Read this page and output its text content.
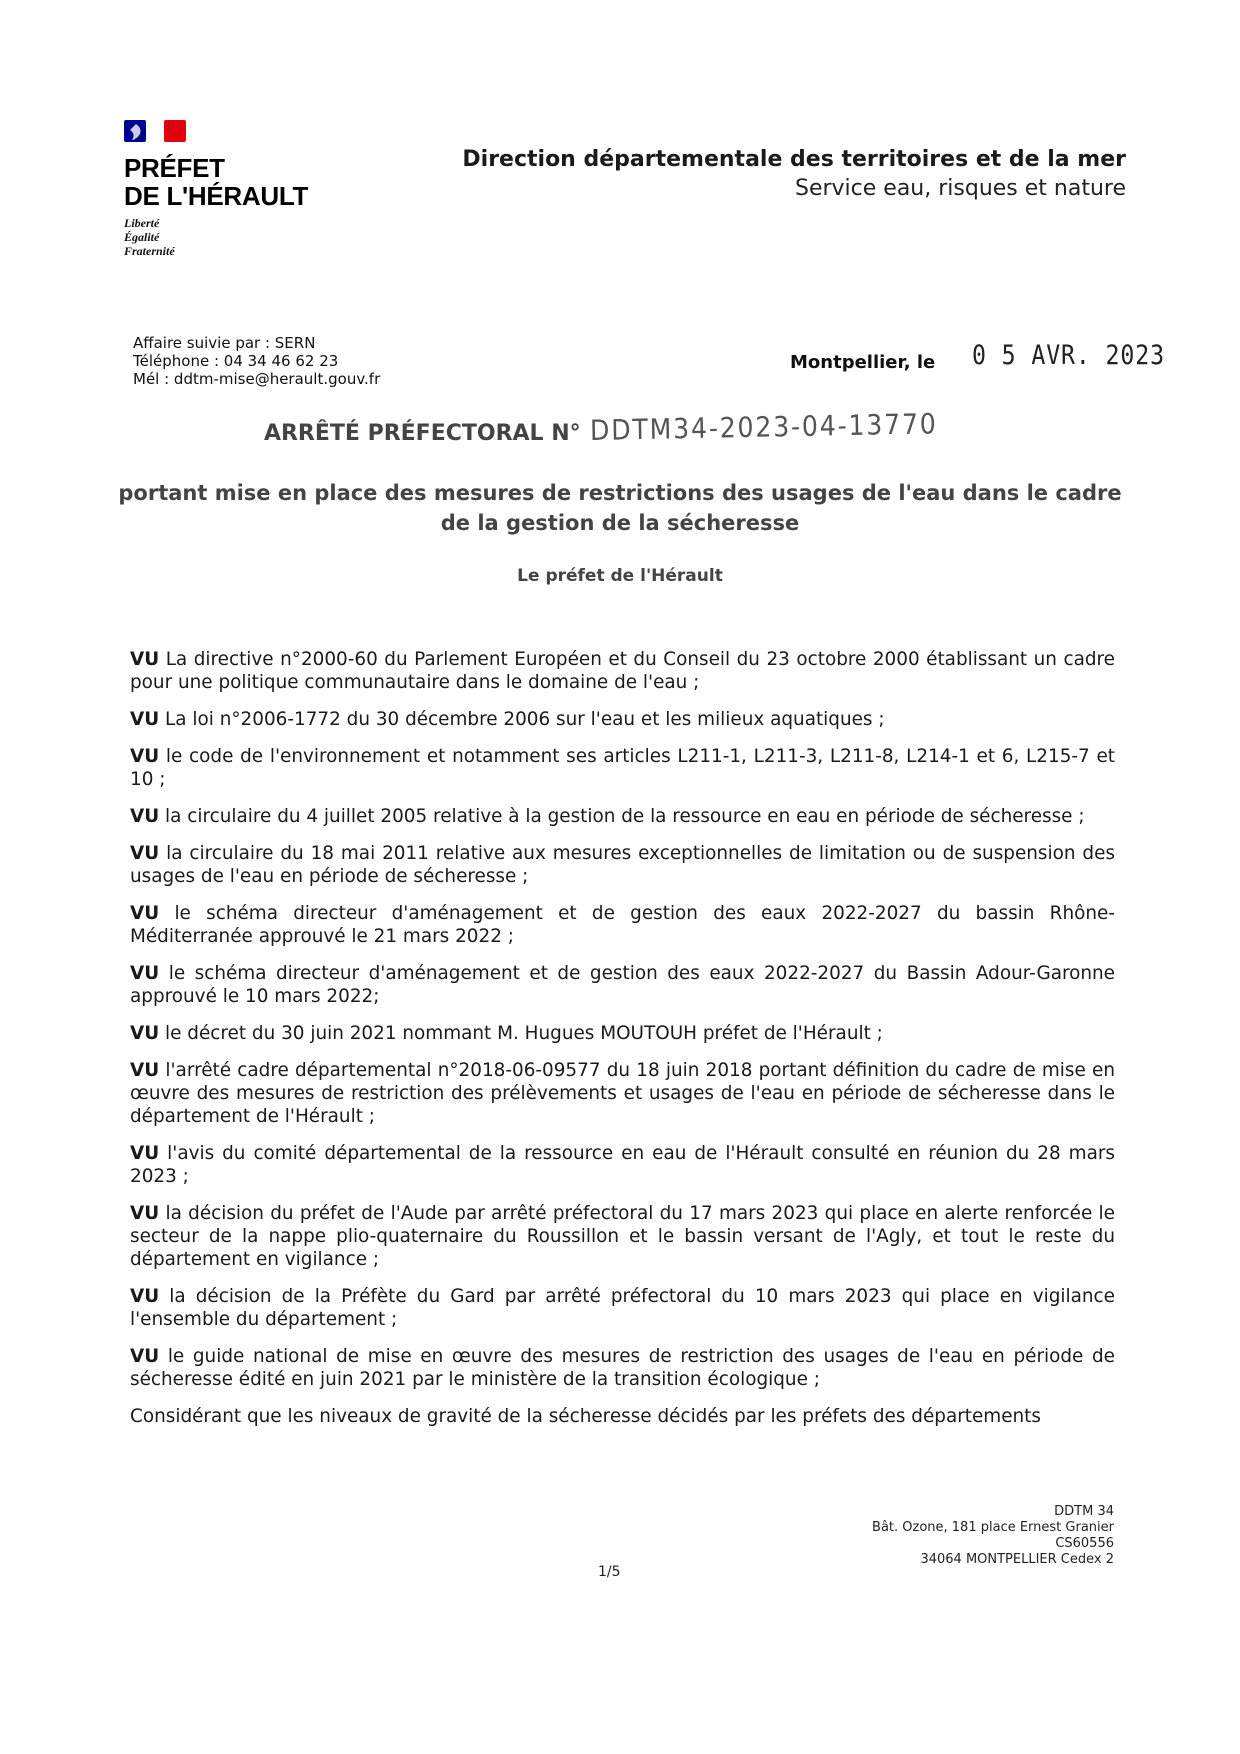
PRÉFET
DE L'HÉRAULT
Liberté
Égalité
Fraternité
Direction départementale des territoires et de la mer
Service eau, risques et nature
Affaire suivie par : SERN
Téléphone : 04 34 46 62 23
Mél : ddtm-mise@herault.gouv.fr
Montpellier, le 0 5 AVR. 2023
ARRÊTÉ PRÉFECTORAL N° DDTM34-2023-04-13770
portant mise en place des mesures de restrictions des usages de l'eau dans le cadre
de la gestion de la sécheresse
Le préfet de l'Hérault

VU La directive n°2000-60 du Parlement Européen et du Conseil du 23 octobre 2000 établissant un cadre pour une politique communautaire dans le domaine de l'eau ;

VU La loi n°2006-1772 du 30 décembre 2006 sur l'eau et les milieux aquatiques ;

VU le code de l'environnement et notamment ses articles L211-1, L211-3, L211-8, L214-1 et 6, L215-7 et 10 ;

VU la circulaire du 4 juillet 2005 relative à la gestion de la ressource en eau en période de sécheresse ;

VU la circulaire du 18 mai 2011 relative aux mesures exceptionnelles de limitation ou de suspension des usages de l'eau en période de sécheresse ;

VU le schéma directeur d'aménagement et de gestion des eaux 2022-2027 du bassin Rhône-Méditerranée approuvé le 21 mars 2022 ;

VU le schéma directeur d'aménagement et de gestion des eaux 2022-2027 du Bassin Adour-Garonne approuvé le 10 mars 2022;

VU le décret du 30 juin 2021 nommant M. Hugues MOUTOUH préfet de l'Hérault ;

VU l'arrêté cadre départemental n°2018-06-09577 du 18 juin 2018 portant définition du cadre de mise en œuvre des mesures de restriction des prélèvements et usages de l'eau en période de sécheresse dans le département de l'Hérault ;

VU l'avis du comité départemental de la ressource en eau de l'Hérault consulté en réunion du 28 mars 2023 ;

VU la décision du préfet de l'Aude par arrêté préfectoral du 17 mars 2023 qui place en alerte renforcée le secteur de la nappe plio-quaternaire du Roussillon et le bassin versant de l'Agly, et tout le reste du département en vigilance ;

VU la décision de la Préfète du Gard par arrêté préfectoral du 10 mars 2023 qui place en vigilance l'ensemble du département ;

VU le guide national de mise en œuvre des mesures de restriction des usages de l'eau en période de sécheresse édité en juin 2021 par le ministère de la transition écologique ;

Considérant que les niveaux de gravité de la sécheresse décidés par les préfets des départements

1/5
DDTM 34
Bât. Ozone, 181 place Ernest Granier
CS60556
34064 MONTPELLIER Cedex 2
